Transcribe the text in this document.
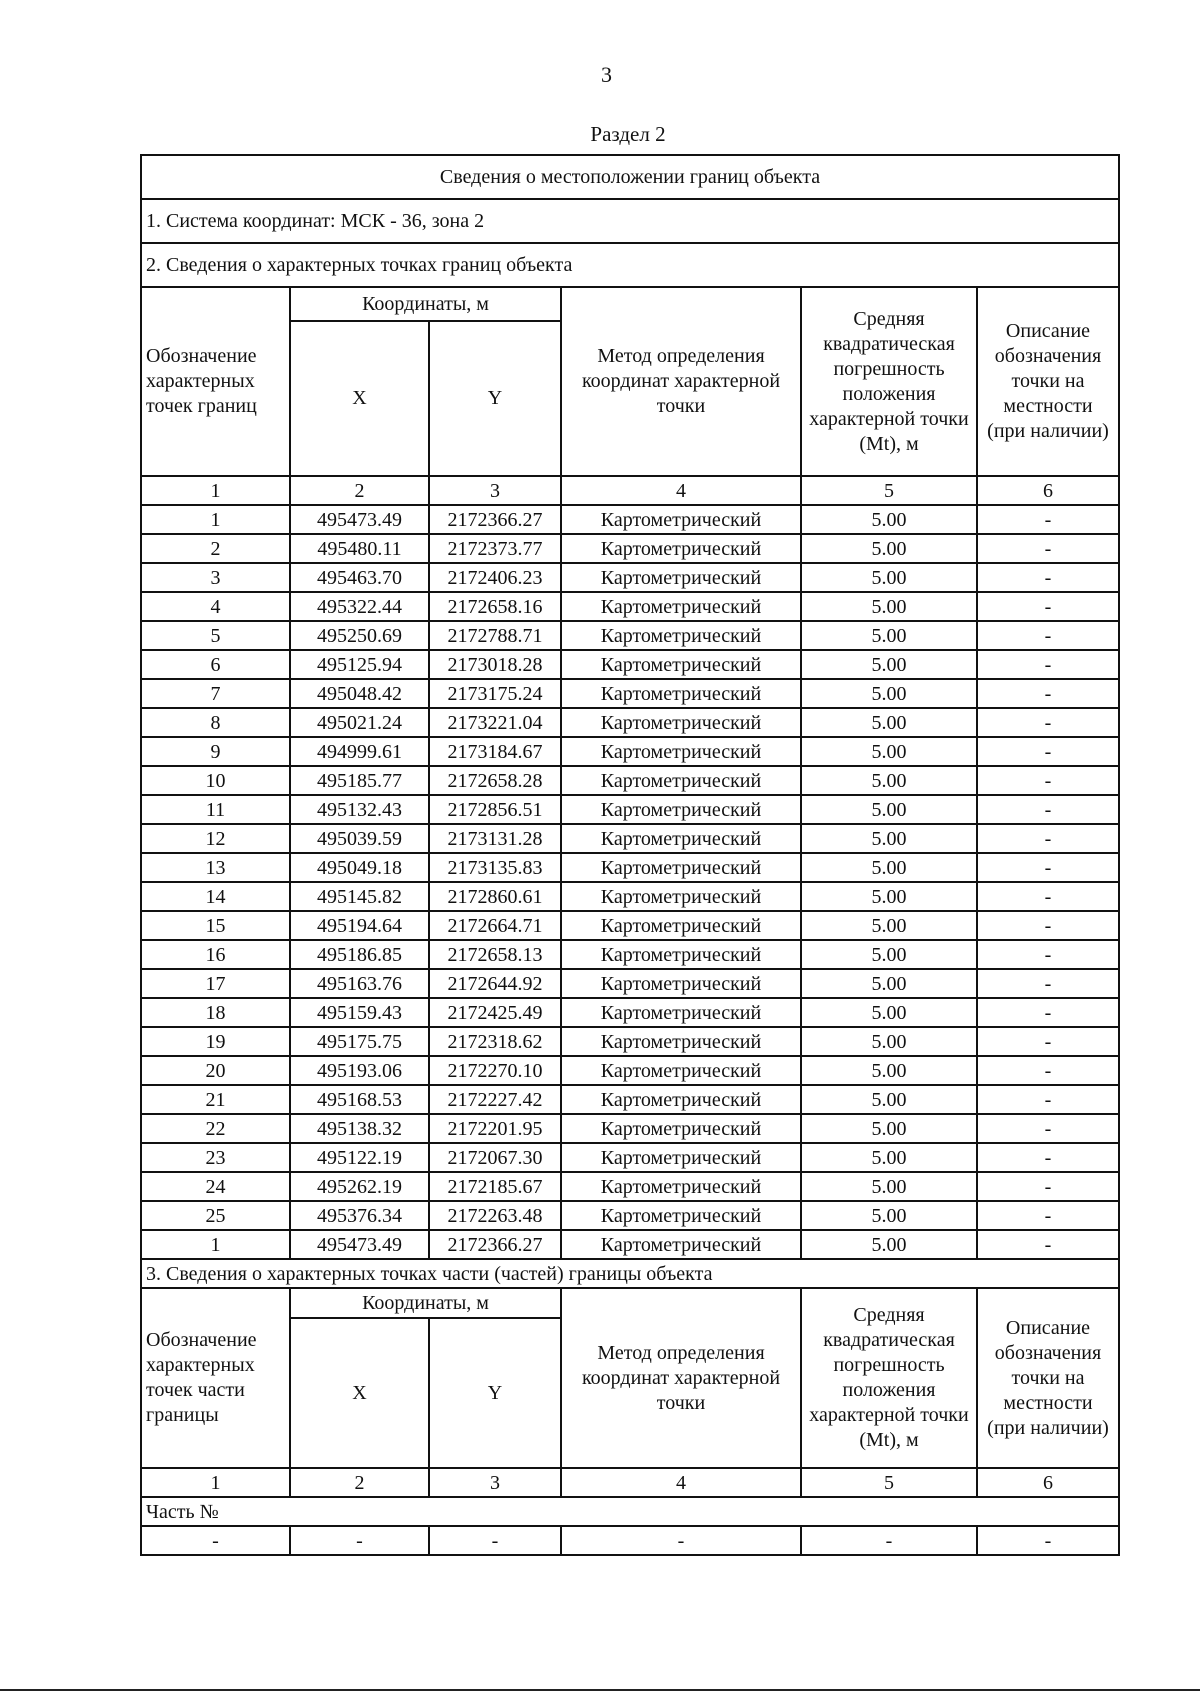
3
Раздел 2
Сведения о местоположении границ объекта					
1. Система координат: МСК - 36, зона 2					
2. Сведения о характерных точках границ объекта					
Обозначение характерных точек границ	Координаты, м		Метод определения координат характерной точки	Средняя квадратическая погрешность положения характерной точки (Mt), м	Описание обозначения точки на местности (при наличии)
	X	Y			
1	2	3	4	5	6
1	495473.49	2172366.27	Картометрический	5.00	-
2	495480.11	2172373.77	Картометрический	5.00	-
3	495463.70	2172406.23	Картометрический	5.00	-
4	495322.44	2172658.16	Картометрический	5.00	-
5	495250.69	2172788.71	Картометрический	5.00	-
6	495125.94	2173018.28	Картометрический	5.00	-
7	495048.42	2173175.24	Картометрический	5.00	-
8	495021.24	2173221.04	Картометрический	5.00	-
9	494999.61	2173184.67	Картометрический	5.00	-
10	495185.77	2172658.28	Картометрический	5.00	-
11	495132.43	2172856.51	Картометрический	5.00	-
12	495039.59	2173131.28	Картометрический	5.00	-
13	495049.18	2173135.83	Картометрический	5.00	-
14	495145.82	2172860.61	Картометрический	5.00	-
15	495194.64	2172664.71	Картометрический	5.00	-
16	495186.85	2172658.13	Картометрический	5.00	-
17	495163.76	2172644.92	Картометрический	5.00	-
18	495159.43	2172425.49	Картометрический	5.00	-
19	495175.75	2172318.62	Картометрический	5.00	-
20	495193.06	2172270.10	Картометрический	5.00	-
21	495168.53	2172227.42	Картометрический	5.00	-
22	495138.32	2172201.95	Картометрический	5.00	-
23	495122.19	2172067.30	Картометрический	5.00	-
24	495262.19	2172185.67	Картометрический	5.00	-
25	495376.34	2172263.48	Картометрический	5.00	-
1	495473.49	2172366.27	Картометрический	5.00	-
3. Сведения о характерных точках части (частей) границы объекта					
Обозначение характерных точек части границы	Координаты, м		Метод определения координат характерной точки	Средняя квадратическая погрешность положения характерной точки (Mt), м	Описание обозначения точки на местности (при наличии)
	X	Y			
1	2	3	4	5	6
Часть №					
-	-	-	-	-	-
